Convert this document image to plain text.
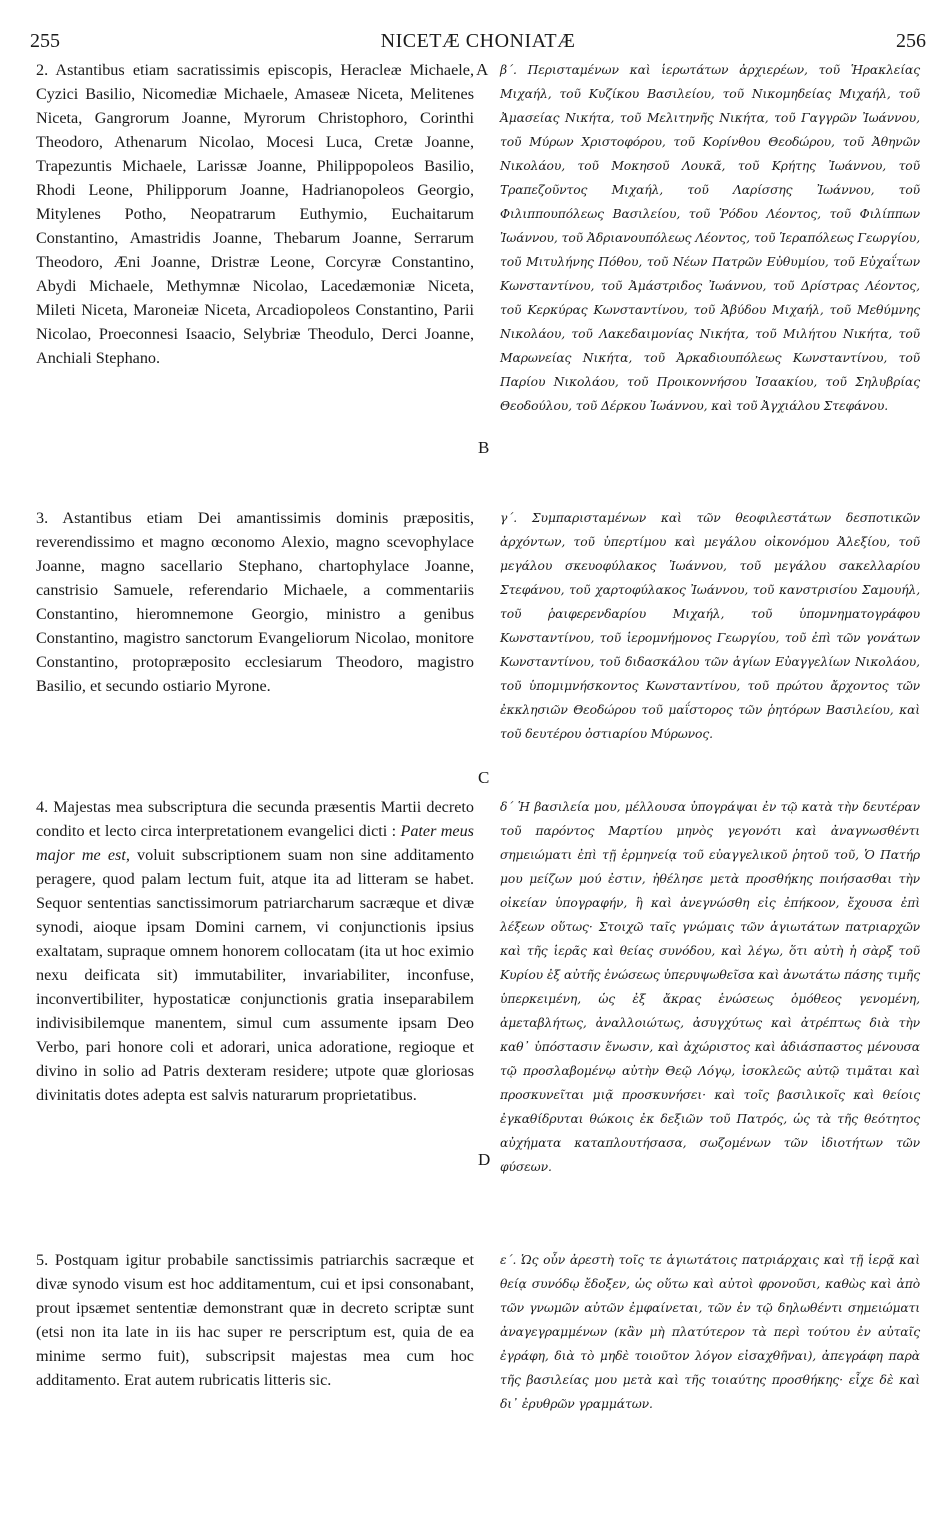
255	NICETÆ CHONIATÆ	256

2. Astantibus etiam sacratissimis episcopis, Heracleæ Michaele, Cyzici Basilio, Nicomediæ Michaele, Amaseæ Niceta, Melitenes Niceta, Gangrorum Joanne, Myrorum Christophoro, Corinthi Theodoro, Athenarum Nicolao, Mocesi Luca, Cretæ Joanne, Trapezuntis Michaele, Larissæ Joanne, Philippopoleos Basilio, Rhodi Leone, Philipporum Joanne, Hadrianopoleos Georgio, Mitylenes Potho, Neopatrarum Euthymio, Euchaitarum Constantino, Amastridis Joanne, Thebarum Joanne, Serrarum Theodoro, Æni Joanne, Dristræ Leone, Corcyræ Constantino, Abydi Michaele, Methymnæ Nicolao, Lacedæmoniæ Niceta, Mileti Niceta, Maroneiæ Niceta, Arcadiopoleos Constantino, Parii Nicolao, Proeconnesi Isaacio, Selybriæ Theodulo, Derci Joanne, Anchiali Stephano.

3. Astantibus etiam Dei amantissimis dominis præpositis, reverendissimo et magno œconomo Alexio, magno scevophylace Joanne, magno sacellario Stephano, chartophylace Joanne, canstrisio Samuele, referendario Michaele, a commentariis Constantino, hieromnemone Georgio, ministro a genibus Constantino, magistro sanctorum Evangeliorum Nicolao, monitore Constantino, protopræposito ecclesiarum Theodoro, magistro Basilio, et secundo ostiario Myrone.

4. Majestas mea subscriptura die secunda præsentis Martii decreto condito et lecto circa interpretationem evangelici dicti : Pater meus major me est, voluit subscriptionem suam non sine additamento peragere, quod palam lectum fuit, atque ita ad litteram se habet. Sequor sententias sanctissimorum patriarcharum sacræque et divæ synodi, aioque ipsam Domini carnem, vi conjunctionis ipsius exaltatam, supraque omnem honorem collocatam (ita ut hoc eximio nexu deificata sit) immutabiliter, invariabiliter, inconfuse, inconvertibiliter, hypostaticæ conjunctionis gratia inseparabilem indivisibilemque manentem, simul cum assumente ipsam Deo Verbo, pari honore coli et adorari, unica adoratione, regioque et divino in solio ad Patris dexteram residere; utpote quæ gloriosas divinitatis dotes adepta est salvis naturarum proprietatibus.

5. Postquam igitur probabile sanctissimis patriarchis sacræque et divæ synodo visum est hoc additamentum, cui et ipsi consonabant, prout ipsæmet sententiæ demonstrant quæ in decreto scriptæ sunt (etsi non ita late in iis hac super re perscriptum est, quia de ea minime sermo fuit), subscripsit majestas mea cum hoc additamento. Erat autem rubricatis litteris sic.

A
B
C
D

β΄. Περισταμένων καὶ ἱερωτάτων ἀρχιερέων, τοῦ Ἡρακλείας Μιχαήλ, τοῦ Κυζίκου Βασιλείου, τοῦ Νικομηδείας Μιχαήλ, τοῦ Ἀμασείας Νικήτα, τοῦ Μελιτηνῆς Νικήτα, τοῦ Γαγγρῶν Ἰωάννου, τοῦ Μύρων Χριστοφόρου, τοῦ Κορίνθου Θεοδώρου, τοῦ Ἀθηνῶν Νικολάου, τοῦ Μοκησοῦ Λουκᾶ, τοῦ Κρήτης Ἰωάννου, τοῦ Τραπεζοῦντος Μιχαήλ, τοῦ Λαρίσσης Ἰωάννου, τοῦ Φιλιππουπόλεως Βασιλείου, τοῦ Ῥόδου Λέοντος, τοῦ Φιλίππων Ἰωάννου, τοῦ Ἀδριανουπόλεως Λέοντος, τοῦ Ἱεραπόλεως Γεωργίου, τοῦ Μιτυλήνης Πόθου, τοῦ Νέων Πατρῶν Εὐθυμίου, τοῦ Εὐχαΐτων Κωνσταντίνου, τοῦ Ἀμάστριδος Ἰωάννου, τοῦ Δρίστρας Λέοντος, τοῦ Κερκύρας Κωνσταντίνου, τοῦ Ἀβύδου Μιχαήλ, τοῦ Μεθύμνης Νικολάου, τοῦ Λακεδαιμονίας Νικήτα, τοῦ Μιλήτου Νικήτα, τοῦ Μαρωνείας Νικήτα, τοῦ Ἀρκαδιουπόλεως Κωνσταντίνου, τοῦ Παρίου Νικολάου, τοῦ Προικοννήσου Ἰσαακίου, τοῦ Σηλυβρίας Θεοδούλου, τοῦ Δέρκου Ἰωάννου, καὶ τοῦ Ἀγχιάλου Στεφάνου.

γ΄. Συμπαρισταμένων καὶ τῶν θεοφιλεστάτων δεσποτικῶν ἀρχόντων, τοῦ ὑπερτίμου καὶ μεγάλου οἰκονόμου Ἀλεξίου, τοῦ μεγάλου σκευοφύλακος Ἰωάννου, τοῦ μεγάλου σακελλαρίου Στεφάνου, τοῦ χαρτοφύλακος Ἰωάννου, τοῦ κανστρισίου Σαμουήλ, τοῦ ῥαιφερενδαρίου Μιχαήλ, τοῦ ὑπομνηματογράφου Κωνσταντίνου, τοῦ ἱερομνήμονος Γεωργίου, τοῦ ἐπὶ τῶν γονάτων Κωνσταντίνου, τοῦ διδασκάλου τῶν ἁγίων Εὐαγγελίων Νικολάου, τοῦ ὑπομιμνήσκοντος Κωνσταντίνου, τοῦ πρώτου ἄρχοντος τῶν ἐκκλησιῶν Θεοδώρου τοῦ μαΐστορος τῶν ῥητόρων Βασιλείου, καὶ τοῦ δευτέρου ὀστιαρίου Μύρωνος.

δ΄ Ἡ βασιλεία μου, μέλλουσα ὑπογράψαι ἐν τῷ κατὰ τὴν δευτέραν τοῦ παρόντος Μαρτίου μηνὸς γεγονότι καὶ ἀναγνωσθέντι σημειώματι ἐπὶ τῇ ἑρμηνείᾳ τοῦ εὐαγγελικοῦ ῥητοῦ τοῦ, Ὁ Πατήρ μου μείζων μού ἐστιν, ἠθέλησε μετὰ προσθήκης ποιήσασθαι τὴν οἰκείαν ὑπογραφήν, ἣ καὶ ἀνεγνώσθη εἰς ἐπήκοον, ἔχουσα ἐπὶ λέξεων οὕτως· Στοιχῶ ταῖς γνώμαις τῶν ἁγιωτάτων πατριαρχῶν καὶ τῆς ἱερᾶς καὶ θείας συνόδου, καὶ λέγω, ὅτι αὐτὴ ἡ σὰρξ τοῦ Κυρίου ἐξ αὐτῆς ἑνώσεως ὑπερυψωθεῖσα καὶ ἀνωτάτω πάσης τιμῆς ὑπερκειμένη, ὡς ἐξ ἄκρας ἑνώσεως ὁμόθεος γενομένη, ἀμεταβλήτως, ἀναλλοιώτως, ἀσυγχύτως καὶ ἀτρέπτως διὰ τὴν καθ᾽ ὑπόστασιν ἕνωσιν, καὶ ἀχώριστος καὶ ἀδιάσπαστος μένουσα τῷ προσλαβομένῳ αὐτὴν Θεῷ Λόγῳ, ἰσοκλεῶς αὐτῷ τιμᾶται καὶ προσκυνεῖται μιᾷ προσκυνήσει· καὶ τοῖς βασιλικοῖς καὶ θείοις ἐγκαθίδρυται θώκοις ἐκ δεξιῶν τοῦ Πατρός, ὡς τὰ τῆς θεότητος αὐχήματα καταπλουτήσασα, σωζομένων τῶν ἰδιοτήτων τῶν φύσεων.

ε΄. Ὡς οὖν ἀρεστὴ τοῖς τε ἁγιωτάτοις πατριάρχαις καὶ τῇ ἱερᾷ καὶ θείᾳ συνόδῳ ἔδοξεν, ὡς οὕτω καὶ αὐτοὶ φρονοῦσι, καθὼς καὶ ἀπὸ τῶν γνωμῶν αὐτῶν ἐμφαίνεται, τῶν ἐν τῷ δηλωθέντι σημειώματι ἀναγεγραμμένων (κἂν μὴ πλατύτερον τὰ περὶ τούτου ἐν αὐταῖς ἐγράφη, διὰ τὸ μηδὲ τοιοῦτον λόγον εἰσαχθῆναι), ἀπεγράφη παρὰ τῆς βασιλείας μου μετὰ καὶ τῆς τοιαύτης προσθήκης· εἶχε δὲ καὶ δι᾽ ἐρυθρῶν γραμμάτων.
